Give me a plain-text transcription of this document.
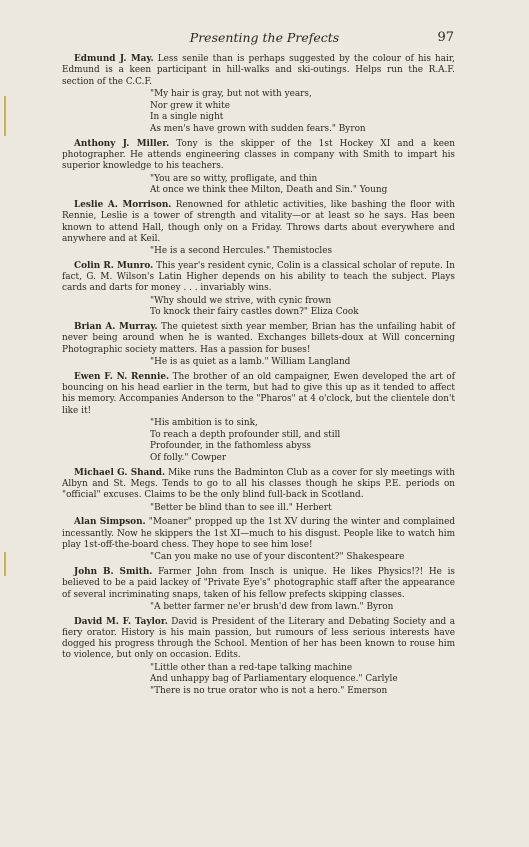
Presenting the Prefects	97

Edmund J. May. Less senile than is perhaps suggested by the colour of his hair, Edmund is a keen participant in hill-walks and ski-outings. Helps run the R.A.F. section of the C.C.F.

"My hair is gray, but not with years,
Nor grew it white
In a single night
As men's have grown with sudden fears." Byron

Anthony J. Miller. Tony is the skipper of the 1st Hockey XI and a keen photographer. He attends engineering classes in company with Smith to impart his superior knowledge to his teachers.

"You are so witty, profligate, and thin
At once we think thee Milton, Death and Sin." Young

Leslie A. Morrison. Renowned for athletic activities, like bashing the floor with Rennie, Leslie is a tower of strength and vitality—or at least so he says. Has been known to attend Hall, though only on a Friday. Throws darts about everywhere and anywhere and at Keil.

"He is a second Hercules." Themistocles

Colin R. Munro. This year's resident cynic, Colin is a classical scholar of repute. In fact, G. M. Wilson's Latin Higher depends on his ability to teach the subject. Plays cards and darts for money . . . invariably wins.

"Why should we strive, with cynic frown
To knock their fairy castles down?" Eliza Cook

Brian A. Murray. The quietest sixth year member, Brian has the unfailing habit of never being around when he is wanted. Exchanges billets-doux at Will concerning Photographic society matters. Has a passion for buses!

"He is as quiet as a lamb." William Langland

Ewen F. N. Rennie. The brother of an old campaigner, Ewen developed the art of bouncing on his head earlier in the term, but had to give this up as it tended to affect his memory. Accompanies Anderson to the "Pharos" at 4 o'clock, but the clientele don't like it!

"His ambition is to sink,
To reach a depth profounder still, and still
Profounder, in the fathomless abyss
Of folly." Cowper

Michael G. Shand. Mike runs the Badminton Club as a cover for sly meetings with Albyn and St. Megs. Tends to go to all his classes though he skips P.E. periods on "official" excuses. Claims to be the only blind full-back in Scotland.

"Better be blind than to see ill." Herbert

Alan Simpson. "Moaner" propped up the 1st XV during the winter and complained incessantly. Now he skippers the 1st XI—much to his disgust. People like to watch him play 1st-off-the-board chess. They hope to see him lose!

"Can you make no use of your discontent?" Shakespeare

John B. Smith. Farmer John from Insch is unique. He likes Physics!?! He is believed to be a paid lackey of "Private Eye's" photographic staff after the appearance of several incriminating snaps, taken of his fellow prefects skipping classes.

"A better farmer ne'er brush'd dew from lawn." Byron

David M. F. Taylor. David is President of the Literary and Debating Society and a fiery orator. History is his main passion, but rumours of less serious interests have dogged his progress through the School. Mention of her has been known to rouse him to violence, but only on occasion. Edits.

"Little other than a red-tape talking machine
And unhappy bag of Parliamentary eloquence." Carlyle
"There is no true orator who is not a hero." Emerson
